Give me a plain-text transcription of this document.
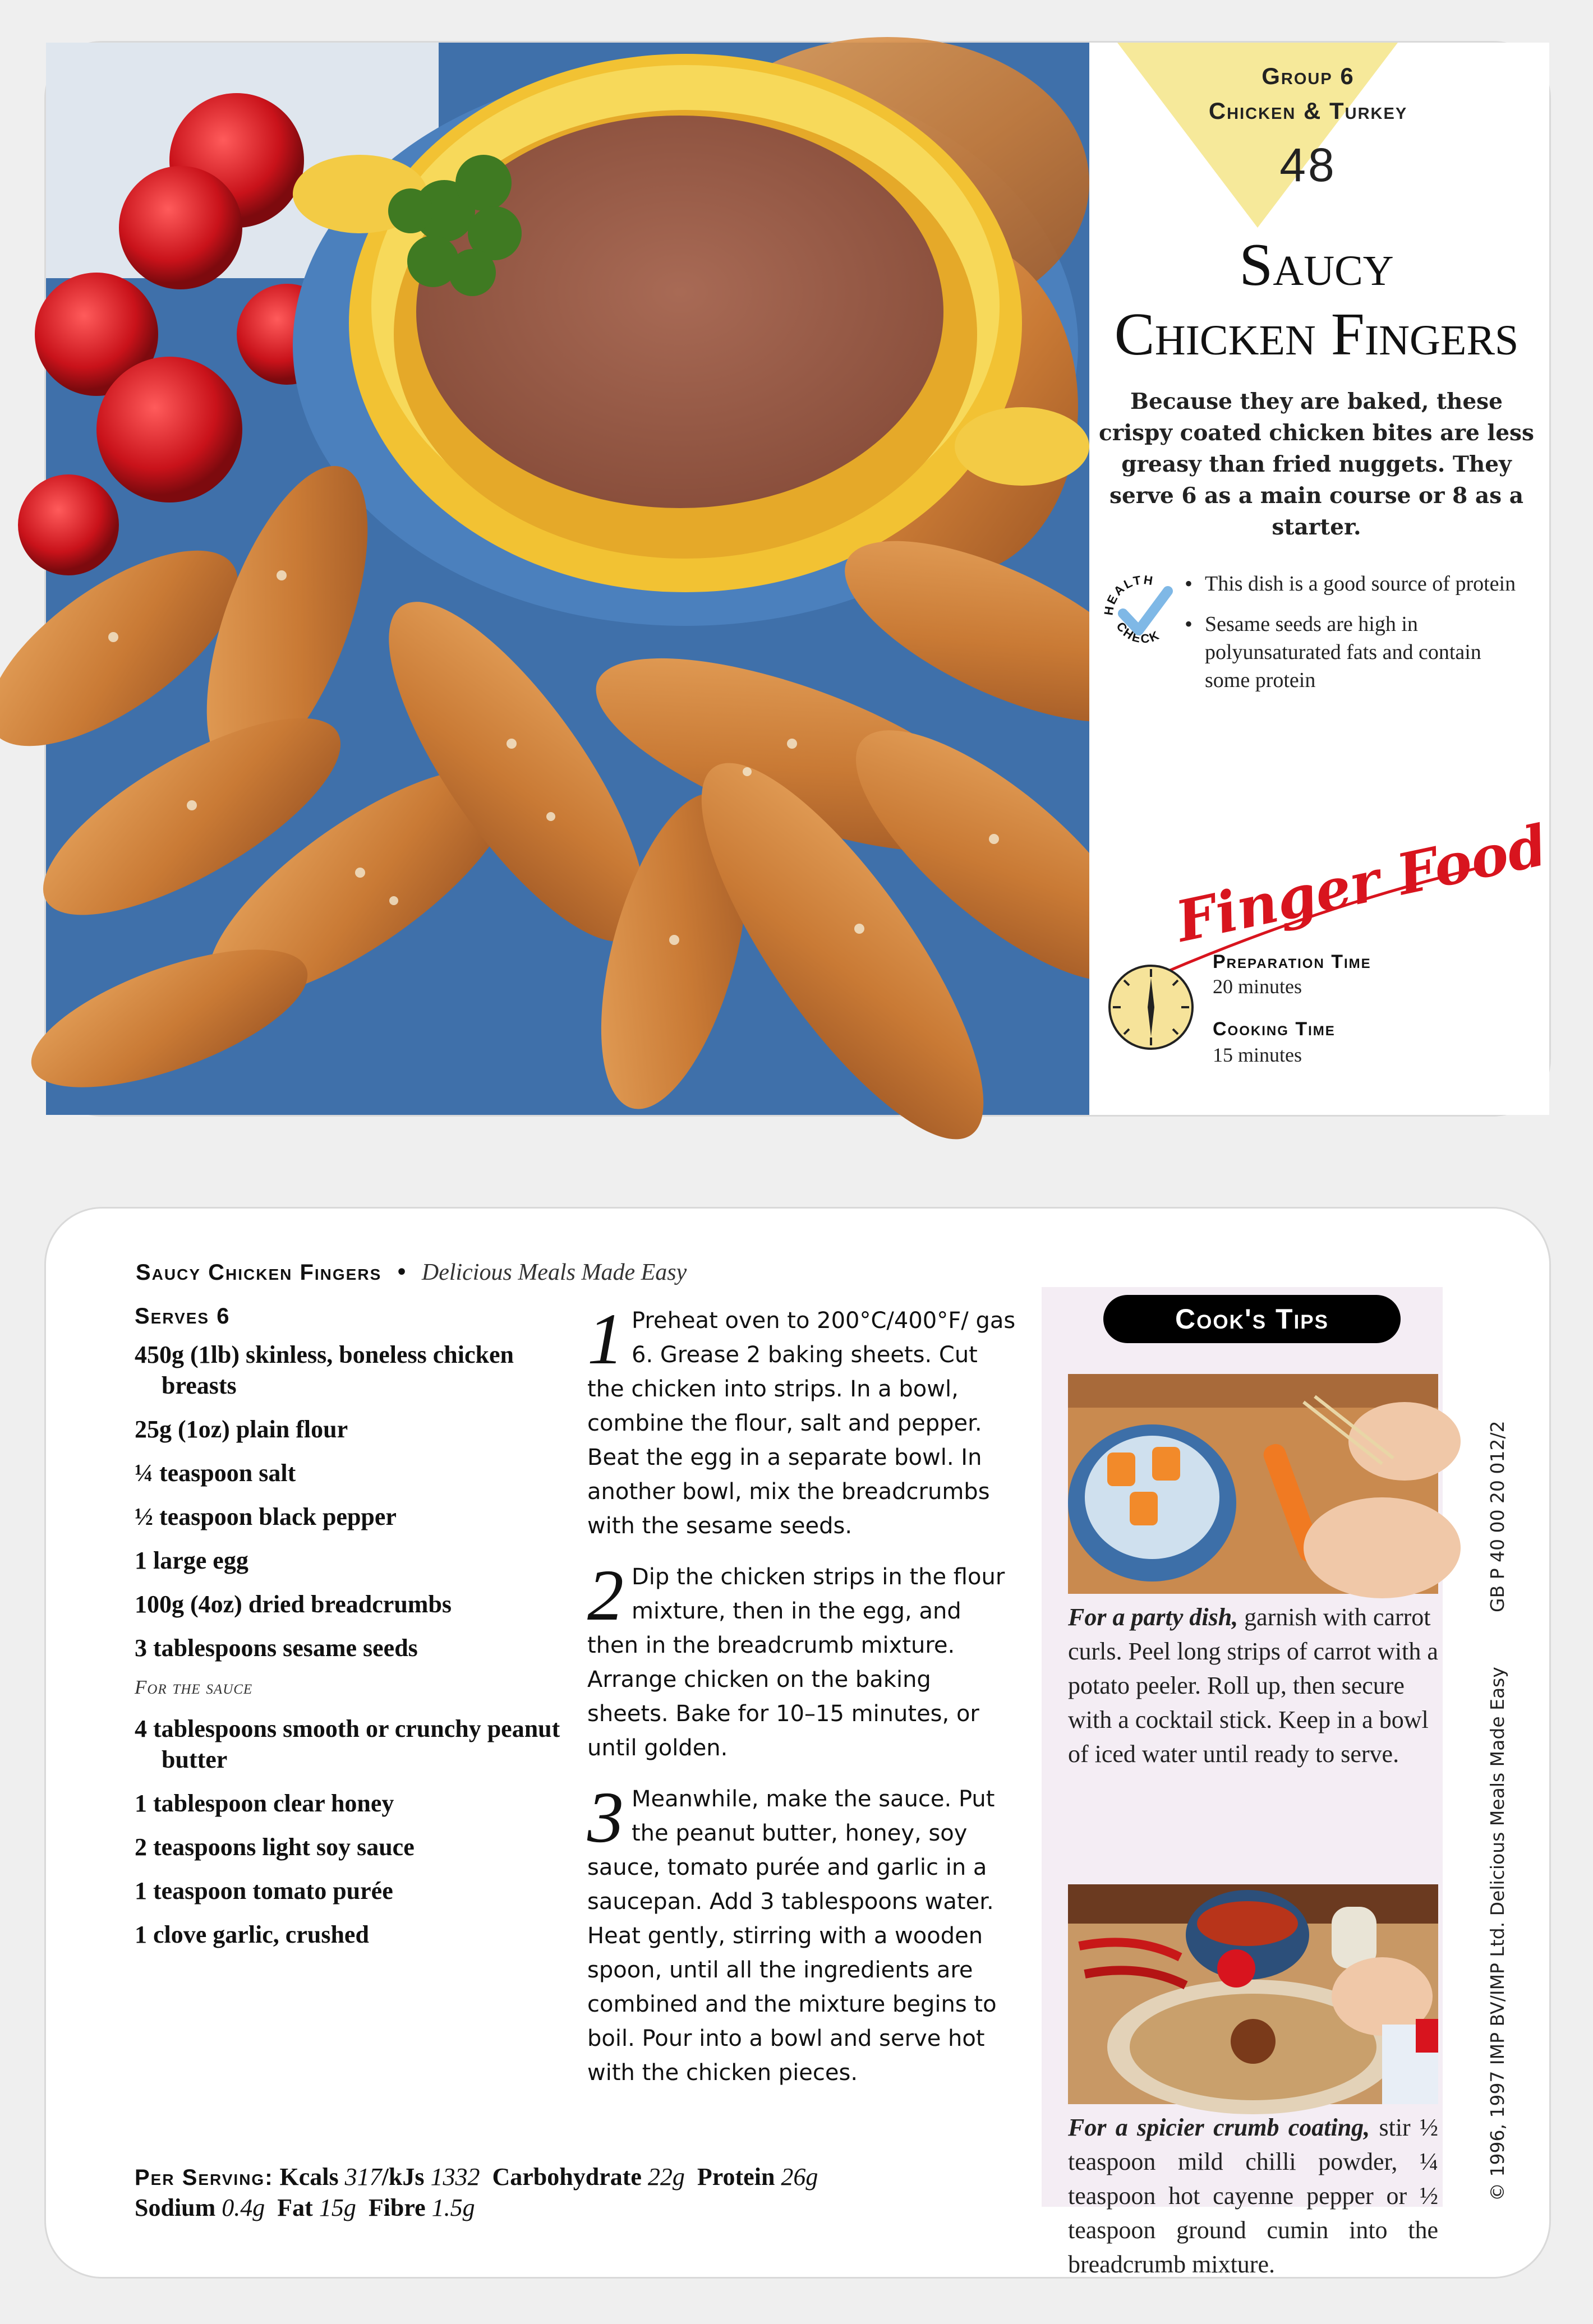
Group 6
Chicken & Turkey
48
Saucy
Chicken Fingers
Because they are baked, these crispy coated chicken bites are less greasy than fried nuggets. They serve 6 as a main course or 8 as a starter.
HEALTH
CHECK
• This dish is a good source of protein
• Sesame seeds are high in polyunsaturated fats and contain some protein
Finger Food
Preparation Time
20 minutes
Cooking Time
15 minutes
Saucy Chicken Fingers • Delicious Meals Made Easy
Serves 6
450g (1lb) skinless, boneless chicken breasts
25g (1oz) plain flour
¼ teaspoon salt
½ teaspoon black pepper
1 large egg
100g (4oz) dried breadcrumbs
3 tablespoons sesame seeds
For the sauce
4 tablespoons smooth or crunchy peanut butter
1 tablespoon clear honey
2 teaspoons light soy sauce
1 teaspoon tomato purée
1 clove garlic, crushed
1 Preheat oven to 200°C/400°F/ gas 6. Grease 2 baking sheets. Cut the chicken into strips. In a bowl, combine the flour, salt and pepper. Beat the egg in a separate bowl. In another bowl, mix the breadcrumbs with the sesame seeds.
2 Dip the chicken strips in the flour mixture, then in the egg, and then in the breadcrumb mixture. Arrange chicken on the baking sheets. Bake for 10–15 minutes, or until golden.
3 Meanwhile, make the sauce. Put the peanut butter, honey, soy sauce, tomato purée and garlic in a saucepan. Add 3 tablespoons water. Heat gently, stirring with a wooden spoon, until all the ingredients are combined and the mixture begins to boil. Pour into a bowl and serve hot with the chicken pieces.
Cook's Tips
For a party dish, garnish with carrot curls. Peel long strips of carrot with a potato peeler. Roll up, then secure with a cocktail stick. Keep in a bowl of iced water until ready to serve.
For a spicier crumb coating, stir ½ teaspoon mild chilli powder, ¼ teaspoon hot cayenne pepper or ½ teaspoon ground cumin into the breadcrumb mixture.
GB P 40 00 20 012/2
© 1996, 1997 IMP BV/IMP Ltd. Delicious Meals Made Easy
Per Serving: Kcals 317/kJs 1332 Carbohydrate 22g Protein 26g
Sodium 0.4g Fat 15g Fibre 1.5g
